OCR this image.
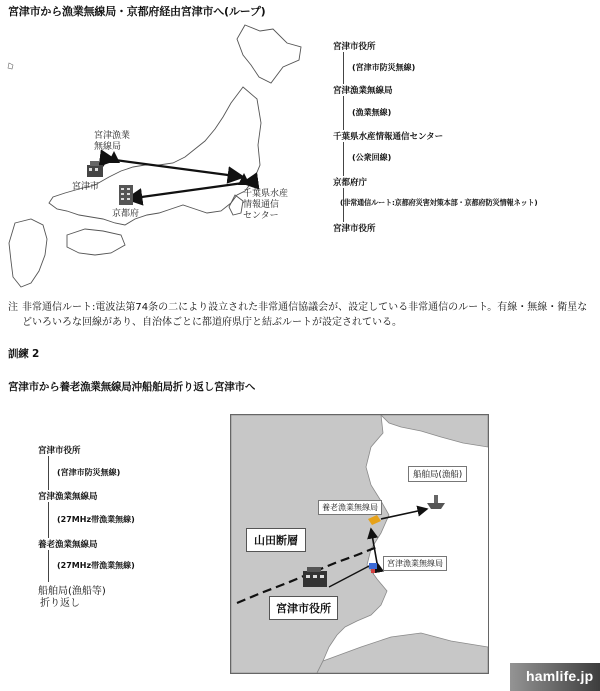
宮津市から漁業無線局・京都府経由宮津市へ(ループ)
宮津漁業
無線局
宮津市
京都府
千葉県水産
情報通信
センター
宮津市役所
(宮津市防災無線)
宮津漁業無線局
(漁業無線)
千葉県水産情報通信センター
(公衆回線)
京都府庁
(非常通信ルート:京都府災害対策本部・京都府防災情報ネット)
宮津市役所
注 非常通信ルート:電波法第74条の二により設立された非常通信協議会が、設定している非常通信のルート。有線・無線・衛星などいろいろな回線があり、自治体ごとに都道府県庁と結ぶルートが設定されている。
訓練 2
宮津市から養老漁業無線局沖船舶局折り返し宮津市へ
宮津市役所
(宮津市防災無線)
宮津漁業無線局
(27MHz帯漁業無線)
養老漁業無線局
(27MHz帯漁業無線)
船舶局(漁船等)
折り返し
船舶局(漁船)
養老漁業無線局
宮津漁業無線局
山田断層
宮津市役所
hamlife.jp
